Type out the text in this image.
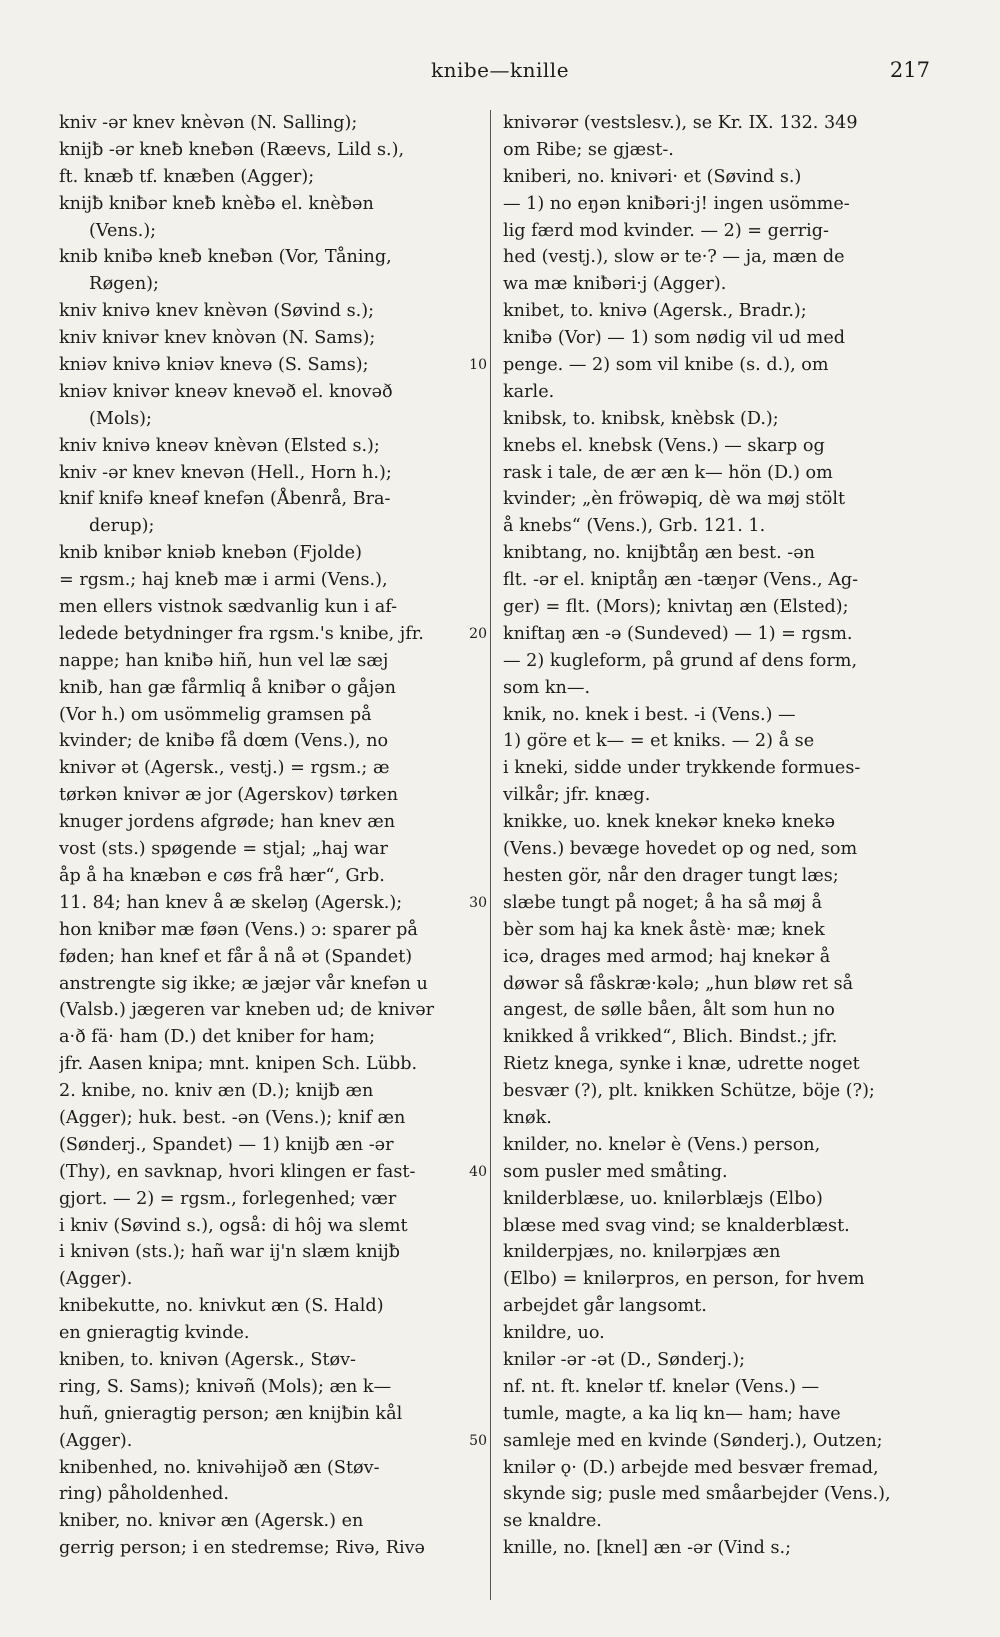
knibe—knille	217
kniv -ər knev knèvən (N. Salling);
knijƀ -ər kneƀ kneƀən (Ræevs, Lild s.),
ft. knæƀ tf. knæƀen (Agger);
knijƀ kniƀər kneƀ knèƀə el. knèƀən
(Vens.);
knib kniƀə kneƀ kneƀən (Vor, Tåning,
Røgen);
kniv knivə knev knèvən (Søvind s.);
kniv knivər knev knòvən (N. Sams);
kniəv knivə kniəv knevə (S. Sams);
kniəv knivər kneəv knevəð el. knovəð
(Mols);
kniv knivə kneəv knèvən (Elsted s.);
kniv -ər knev knevən (Hell., Horn h.);
knif knifə kneəf knefən (Åbenrå, Bra-
derup);
knib knibər kniəb knebən (Fjolde)
= rgsm.; haj kneƀ mæ i armi (Vens.),
men ellers vistnok sædvanlig kun i af-
ledede betydninger fra rgsm.'s knibe, jfr.
nappe; han kniƀə hiñ, hun vel læ sæj
kniƀ, han gæ fårmliq å kniƀər o gåjən
(Vor h.) om usömmelig gramsen på
kvinder; de kniƀə få dœm (Vens.), no
knivər ət (Agersk., vestj.) = rgsm.; æ
tørkən knivər æ jor (Agerskov) tørken
knuger jordens afgrøde; han knev æn
vost (sts.) spøgende = stjal; „haj war
åp å ha knæbən e cøs frå hær“, Grb.
11. 84; han knev å æ skeləŋ (Agersk.);
hon kniƀər mæ føən (Vens.) ɔ: sparer på
føden; han knef et får å nå ət (Spandet)
anstrengte sig ikke; æ jæjər vår knefən u
(Valsb.) jægeren var kneben ud; de knivər
a·ð fä· ham (D.) det kniber for ham;
jfr. Aasen knipa; mnt. knipen Sch. Lübb.
2. knibe, no. kniv æn (D.); knijƀ æn
(Agger); huk. best. -ən (Vens.); knif æn
(Sønderj., Spandet) — 1) knijƀ æn -ər
(Thy), en savknap, hvori klingen er fast-
gjort. — 2) = rgsm., forlegenhed; vær
i kniv (Søvind s.), også: di hôj wa slemt
i knivən (sts.); hañ war ij'n slæm knijƀ
(Agger).
knibekutte, no. knivkut æn (S. Hald)
en gnieragtig kvinde.
kniben, to. knivən (Agersk., Støv-
ring, S. Sams); knivəñ (Mols); æn k—
huñ, gnieragtig person; æn knijƀin kål
(Agger).
knibenhed, no. knivəhijəð æn (Støv-
ring) påholdenhed.
kniber, no. knivər æn (Agersk.) en
gerrig person; i en stedremse; Rivə, Rivə
knivərər (vestslesv.), se Kr. IX. 132. 349
om Ribe; se gjæst-.
kniberi, no. knivəri· et (Søvind s.)
— 1) no eŋən kniƀəri·j! ingen usömme-
lig færd mod kvinder. — 2) = gerrig-
hed (vestj.), slow ər te·? — ja, mæn de
wa mæ kniƀəri·j (Agger).
knibet, to. knivə (Agersk., Bradr.);
kniƀə (Vor) — 1) som nødig vil ud med
penge. — 2) som vil knibe (s. d.), om
karle.
knibsk, to. knibsk, knèbsk (D.);
knebs el. knebsk (Vens.) — skarp og
rask i tale, de ær æn k— hön (D.) om
kvinder; „èn fröwəpiq, dè wa møj stölt
å knebs“ (Vens.), Grb. 121. 1.
knibtang, no. knijƀtåŋ æn best. -ən
flt. -ər el. kniptåŋ æn -tæŋər (Vens., Ag-
ger) = flt. (Mors); knivtaŋ æn (Elsted);
kniftaŋ æn -ə (Sundeved) — 1) = rgsm.
— 2) kugleform, på grund af dens form,
som kn—.
knik, no. knek i best. -i (Vens.) —
1) göre et k— = et kniks. — 2) å se
i kneki, sidde under trykkende formues-
vilkår; jfr. knæg.
knikke, uo. knek knekər knekə knekə
(Vens.) bevæge hovedet op og ned, som
hesten gör, når den drager tungt læs;
slæbe tungt på noget; å ha så møj å
bèr som haj ka knek åstè· mæ; knek
icə, drages med armod; haj knekər å
døwər så fåskræ·kələ; „hun bløw ret så
angest, de sølle båen, ålt som hun no
knikked å vrikked“, Blich. Bindst.; jfr.
Rietz knega, synke i knæ, udrette noget
besvær (?), plt. knikken Schütze, böje (?);
knøk.
knilder, no. knelər è (Vens.) person,
som pusler med småting.
knilderblæse, uo. knilərblæjs (Elbo)
blæse med svag vind; se knalderblæst.
knilderpjæs, no. knilərpjæs æn
(Elbo) = knilərpros, en person, for hvem
arbejdet går langsomt.
knildre, uo.
knilər -ər -ət (D., Sønderj.);
nf. nt. ft. knelər tf. knelər (Vens.) —
tumle, magte, a ka liq kn— ham; have
samleje med en kvinde (Sønderj.), Outzen;
knilər ǫ· (D.) arbejde med besvær fremad,
skynde sig; pusle med småarbejder (Vens.),
se knaldre.
knille, no. [knel] æn -ər (Vind s.;
10
20
30
40
50
